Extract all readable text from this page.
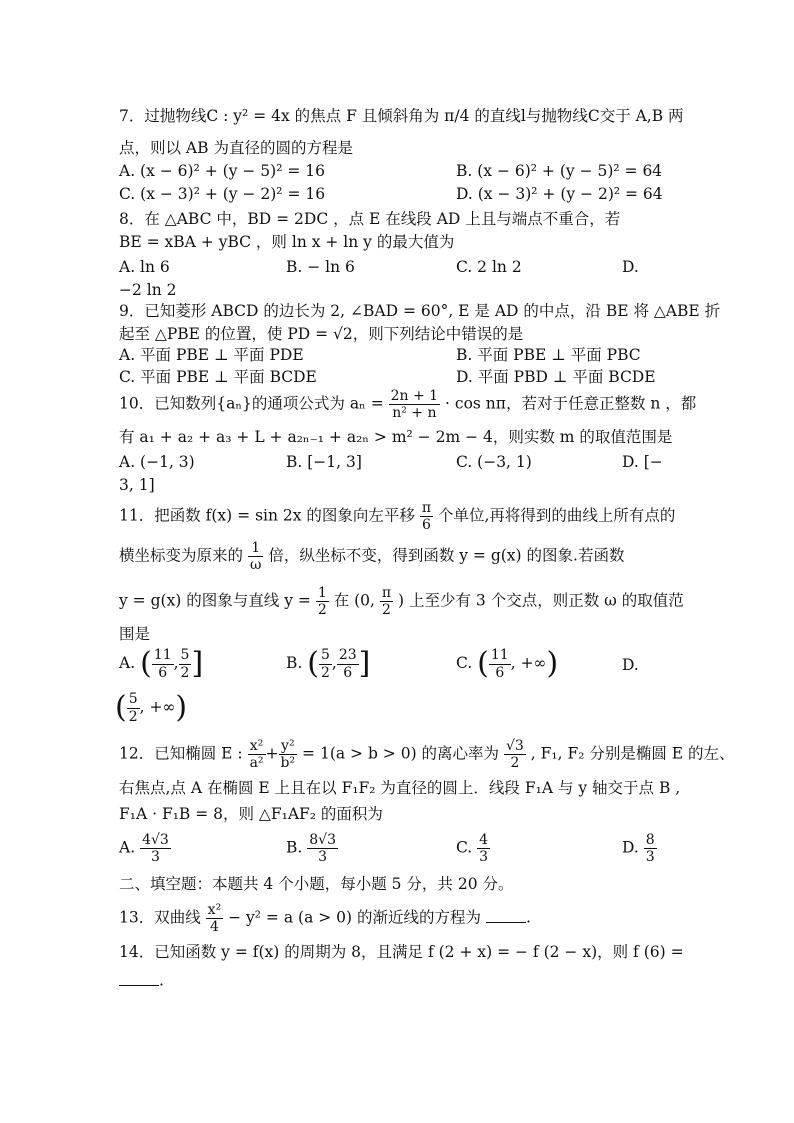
7．过抛物线C : y² = 4x 的焦点 F 且倾斜角为 π/4 的直线l与抛物线C交于 A,B 两
点，则以 AB 为直径的圆的方程是
A. (x − 6)² + (y − 5)² = 16	B. (x − 6)² + (y − 5)² = 64
C. (x − 3)² + (y − 2)² = 16	D. (x − 3)² + (y − 2)² = 64
8．在 △ABC 中，BD = 2DC ，点 E 在线段 AD 上且与端点不重合，若
BE = xBA + yBC ，则 ln x + ln y 的最大值为
A. ln 6	B. − ln 6	C. 2 ln 2	D.
−2 ln 2
9．已知菱形 ABCD 的边长为 2, ∠BAD = 60°, E 是 AD 的中点，沿 BE 将 △ABE 折
起至 △PBE 的位置，使 PD = √2，则下列结论中错误的是
A. 平面 PBE ⊥ 平面 PDE	B. 平面 PBE ⊥ 平面 PBC
C. 平面 PBE ⊥ 平面 BCDE	D. 平面 PBD ⊥ 平面 BCDE
10．已知数列{aₙ}的通项公式为 $a_n = \frac{2n + 1}{\text{n² + n}} \cdot \cos n\pi$，若对于任意正整数 n ，都
有 a₁ + a₂ + a₃ + L + a₂ₙ₋₁ + a₂ₙ > m² − 2m − 4，则实数 m 的取值范围是
A. (−1, 3)	B. [−1, 3]	C. (−3, 1)	D. [−
3, 1]
11．把函数 f(x) = sin 2x 的图象向左平移 $\frac{\pi}{6}$ 个单位,再将得到的曲线上所有点的
横坐标变为原来的 $\frac{1}{\omega}$ 倍，纵坐标不变，得到函数 y = g(x) 的图象.若函数
y = g(x) 的图象与直线 $y = \frac{1}{2}$ 在 (0, $\frac{\pi}{2}$ ) 上至少有 3 个交点，则正数 ω 的取值范
围是
A. ( $\frac{11}{6}$ , $\frac{5}{2}$ ]	B. ( $\frac{5}{2}$ , $\frac{23}{6}$ ]	C. ( $\frac{11}{6}$ , +∞)	D.
( $\frac{5}{2}$ , +∞)
12．已知椭圆 E : $\frac{\text{x²}}{\text{a²}} + \frac{\text{y²}}{\text{b²}} = 1(a > b > 0)$ 的离心率为 $\frac{√3}{2}$ , F₁, F₂ 分别是椭圆 E 的左、
右焦点,点 A 在椭圆 E 上且在以 F₁F₂ 为直径的圆上．线段 F₁A 与 y 轴交于点 B ,
F₁A · F₁B = 8，则 △F₁AF₂ 的面积为
A. $\frac{4√3}{3}$	B. $\frac{8√3}{3}$	C. $\frac{4}{3}$	D. $\frac{8}{3}$
二、填空题：本题共 4 个小题，每小题 5 分，共 20 分。
13．双曲线 $\frac{\text{x²}}{4} - y^2 = a$ (a > 0) 的渐近线的方程为	.
14．已知函数 y = f(x) 的周期为 8，且满足 f (2 + x) = − f (2 − x)，则 f (6) =
.
